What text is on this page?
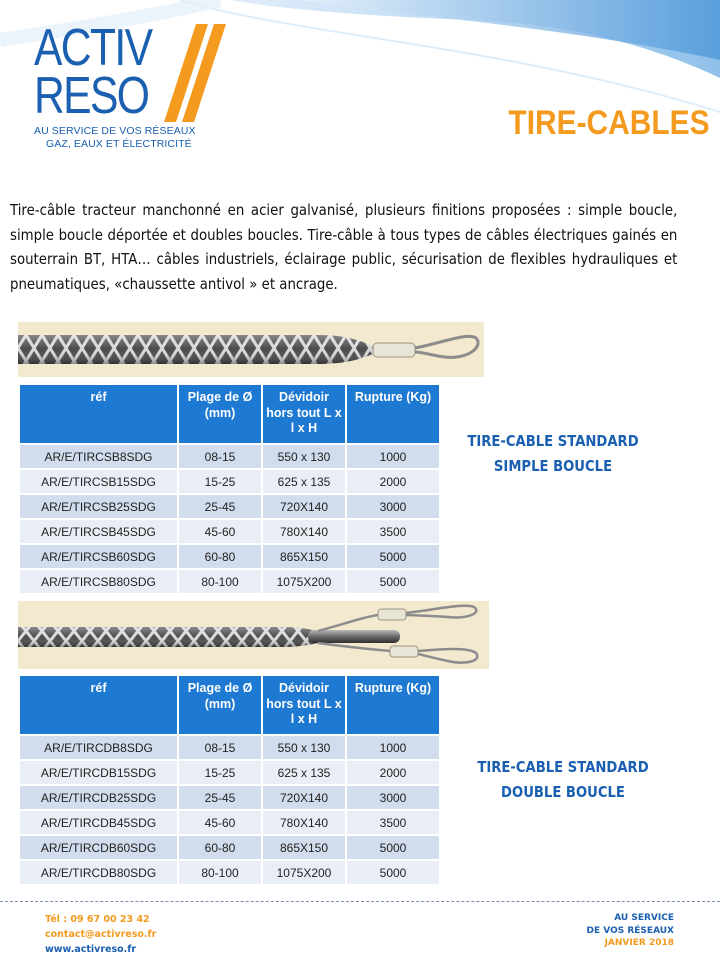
ACTIV
RESO
AU SERVICE DE VOS RÉSEAUX
GAZ, EAUX ET ÉLECTRICITÉ
TIRE-CABLES

Tire-câble tracteur manchonné en acier galvanisé, plusieurs finitions proposées : simple boucle, simple boucle déportée et doubles boucles. Tire-câble à tous types de câbles électriques gainés en souterrain BT, HTA… câbles industriels, éclairage public, sécurisation de flexibles hydrauliques et pneumatiques, «chaussette antivol » et ancrage.

réf	Plage de Ø (mm)	Dévidoir hors tout L x l x H	Rupture (Kg)
AR/E/TIRCSB8SDG	08-15	550 x 130	1000
AR/E/TIRCSB15SDG	15-25	625 x 135	2000
AR/E/TIRCSB25SDG	25-45	720X140	3000
AR/E/TIRCSB45SDG	45-60	780X140	3500
AR/E/TIRCSB60SDG	60-80	865X150	5000
AR/E/TIRCSB80SDG	80-100	1075X200	5000
TIRE-CABLE STANDARD
SIMPLE BOUCLE
réf	Plage de Ø (mm)	Dévidoir hors tout L x l x H	Rupture (Kg)
AR/E/TIRCDB8SDG	08-15	550 x 130	1000
AR/E/TIRCDB15SDG	15-25	625 x 135	2000
AR/E/TIRCDB25SDG	25-45	720X140	3000
AR/E/TIRCDB45SDG	45-60	780X140	3500
AR/E/TIRCDB60SDG	60-80	865X150	5000
AR/E/TIRCDB80SDG	80-100	1075X200	5000
TIRE-CABLE STANDARD
DOUBLE BOUCLE
Tél : 09 67 00 23 42
contact@activreso.fr
www.activreso.fr
AU SERVICE
DE VOS RÉSEAUX
JANVIER 2018
